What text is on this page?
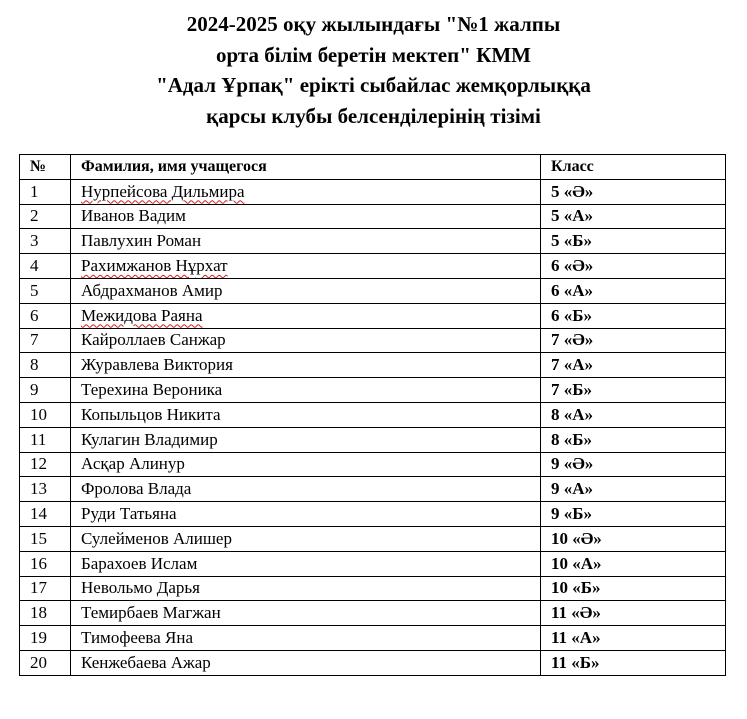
2024-2025 оқу жылындағы "№1 жалпы
орта білім беретін мектеп" КММ
"Адал Ұрпақ" ерікті сыбайлас жемқорлыққа
қарсы клубы белсенділерінің тізімі
№	Фамилия, имя учащегося	Класс
1	Нурпейсова Дильмира	5 «Ә»
2	Иванов Вадим	5 «А»
3	Павлухин Роман	5 «Б»
4	Рахимжанов Нұрхат	6 «Ә»
5	Абдрахманов Амир	6 «А»
6	Межидова Раяна	6 «Б»
7	Кайроллаев Санжар	7 «Ә»
8	Журавлева Виктория	7 «А»
9	Терехина Вероника	7 «Б»
10	Копыльцов Никита	8 «А»
11	Кулагин Владимир	8 «Б»
12	Асқар Алинур	9 «Ә»
13	Фролова Влада	9 «А»
14	Руди Татьяна	9 «Б»
15	Сулейменов Алишер	10 «Ә»
16	Барахоев Ислам	10 «А»
17	Невольмо Дарья	10 «Б»
18	Темирбаев Магжан	11 «Ә»
19	Тимофеева Яна	11 «А»
20	Кенжебаева Ажар	11 «Б»
